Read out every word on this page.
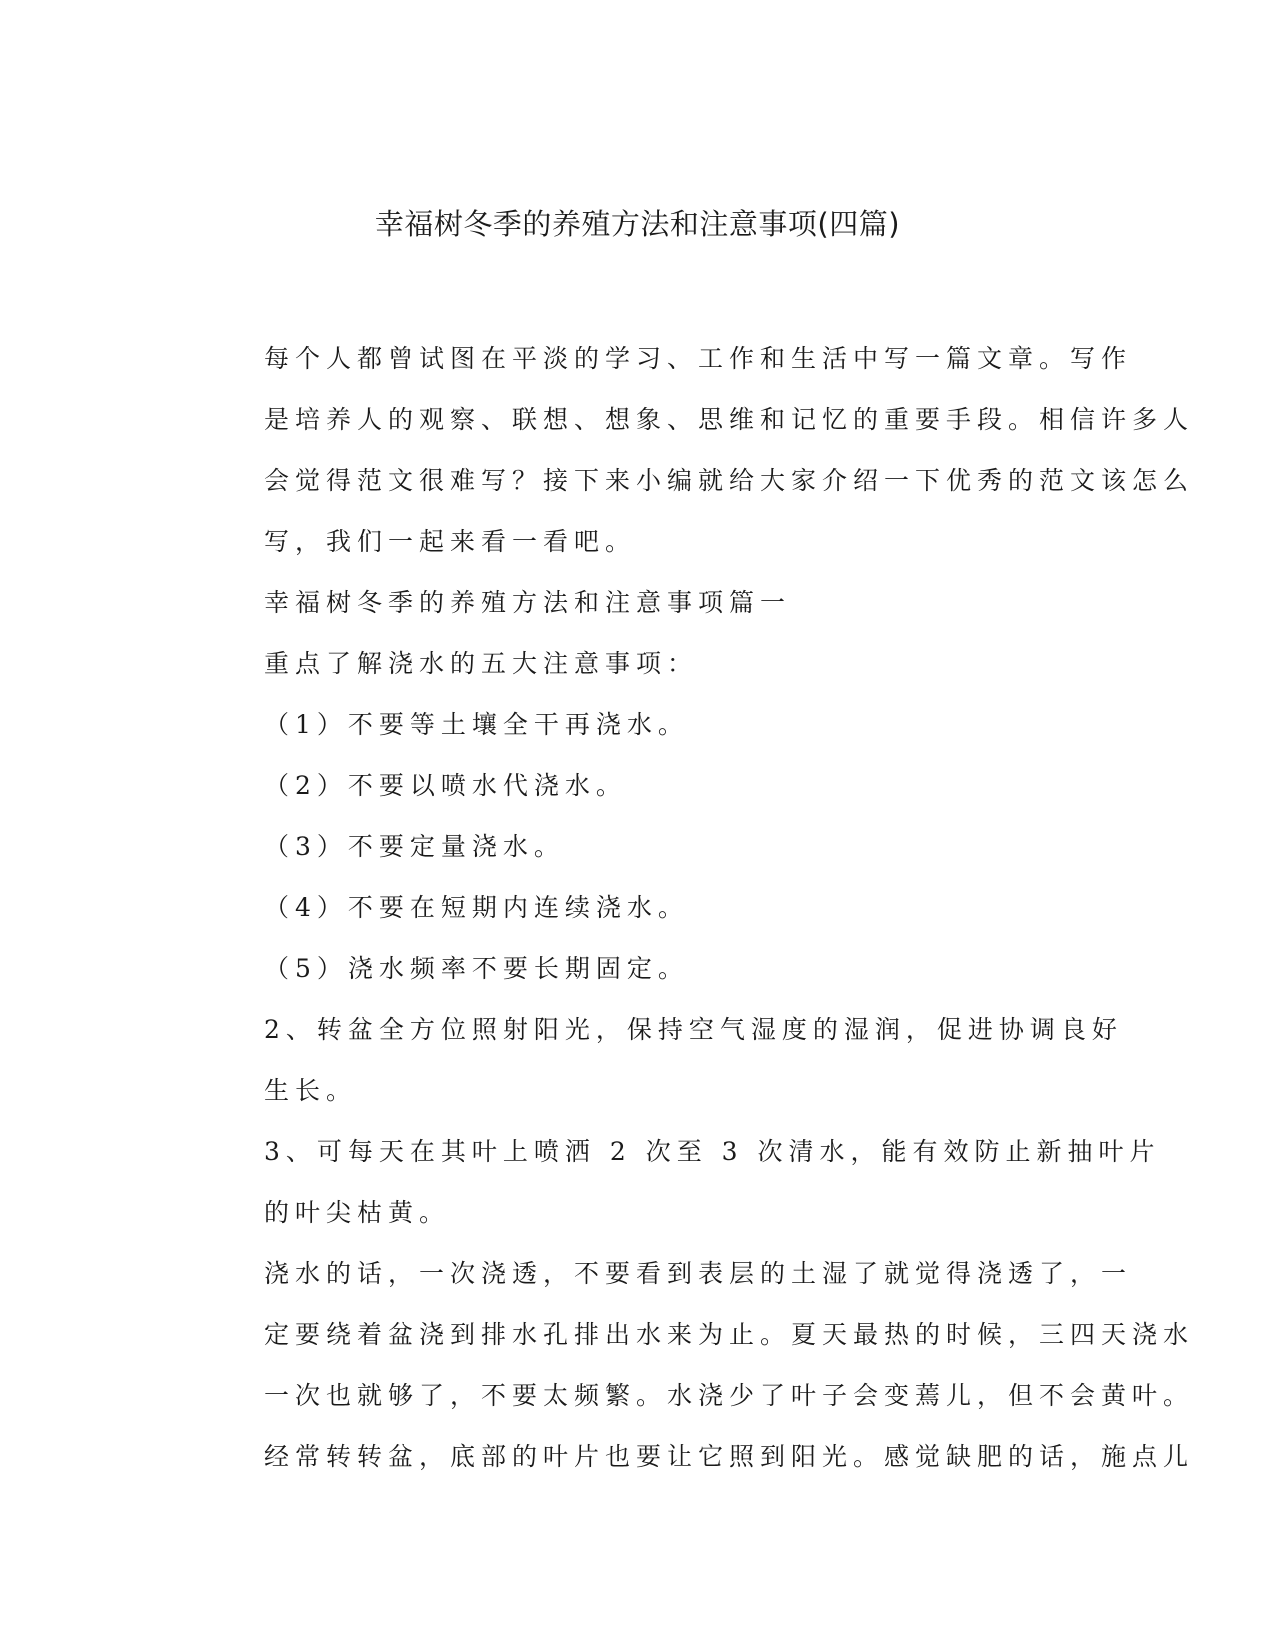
幸福树冬季的养殖方法和注意事项(四篇)

每个人都曾试图在平淡的学习、工作和生活中写一篇文章。写作
是培养人的观察、联想、想象、思维和记忆的重要手段。相信许多人
会觉得范文很难写？接下来小编就给大家介绍一下优秀的范文该怎么
写，我们一起来看一看吧。

幸福树冬季的养殖方法和注意事项篇一

重点了解浇水的五大注意事项：

（1）不要等土壤全干再浇水。

（2）不要以喷水代浇水。

（3）不要定量浇水。

（4）不要在短期内连续浇水。

（5）浇水频率不要长期固定。

2、转盆全方位照射阳光，保持空气湿度的湿润，促进协调良好
生长。

3、可每天在其叶上喷洒 2 次至 3 次清水，能有效防止新抽叶片
的叶尖枯黄。

浇水的话，一次浇透，不要看到表层的土湿了就觉得浇透了，一
定要绕着盆浇到排水孔排出水来为止。夏天最热的时候，三四天浇水
一次也就够了，不要太频繁。水浇少了叶子会变蔫儿，但不会黄叶。
经常转转盆，底部的叶片也要让它照到阳光。感觉缺肥的话，施点儿
